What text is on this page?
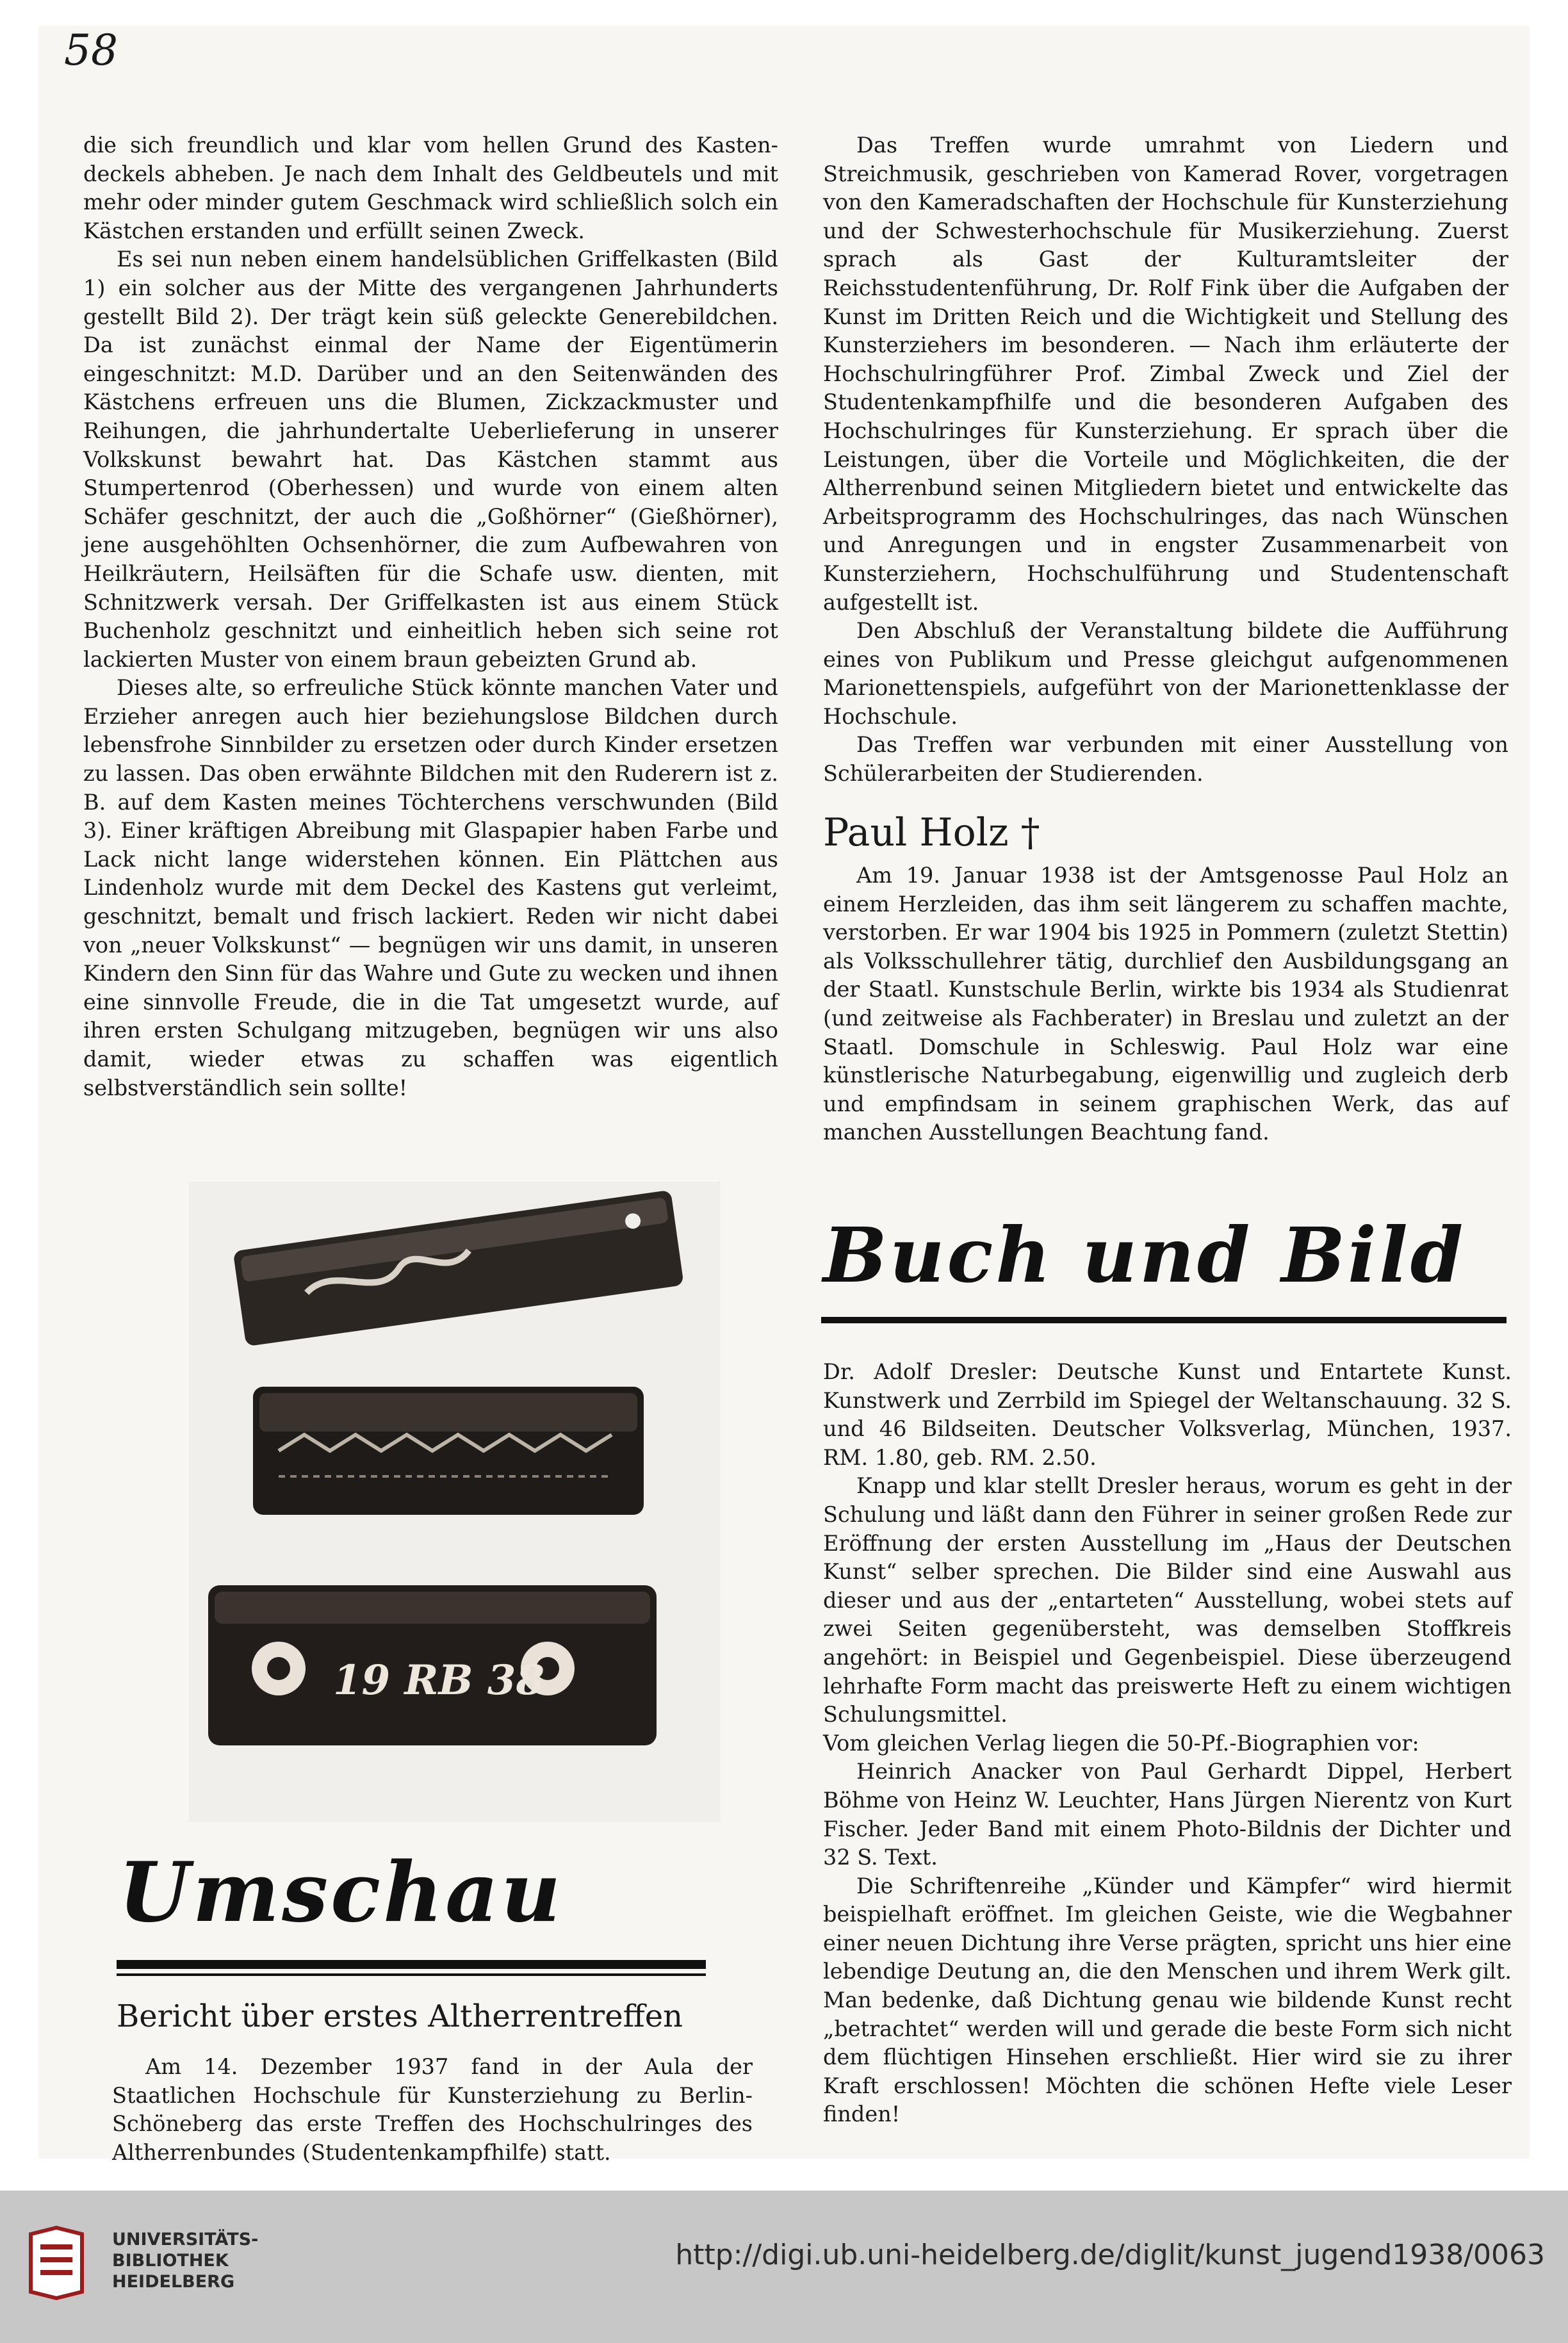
58

die sich freundlich und klar vom hellen Grund des Kasten-deckels abheben. Je nach dem Inhalt des Geldbeutels und mit mehr oder minder gutem Geschmack wird schließlich solch ein Kästchen erstanden und erfüllt seinen Zweck.

Es sei nun neben einem handelsüblichen Griffelkasten (Bild 1) ein solcher aus der Mitte des vergangenen Jahrhunderts gestellt Bild 2). Der trägt kein süß geleckte Generebildchen. Da ist zunächst einmal der Name der Eigentümerin eingeschnitzt: M.D. Darüber und an den Seitenwänden des Kästchens erfreuen uns die Blumen, Zickzackmuster und Reihungen, die jahrhundertalte Ueberlieferung in unserer Volkskunst bewahrt hat. Das Kästchen stammt aus Stumpertenrod (Oberhessen) und wurde von einem alten Schäfer geschnitzt, der auch die „Goßhörner“ (Gießhörner), jene ausgehöhlten Ochsenhörner, die zum Aufbewahren von Heilkräutern, Heilsäften für die Schafe usw. dienten, mit Schnitzwerk versah. Der Griffelkasten ist aus einem Stück Buchenholz geschnitzt und einheitlich heben sich seine rot lackierten Muster von einem braun gebeizten Grund ab.

Dieses alte, so erfreuliche Stück könnte manchen Vater und Erzieher anregen auch hier beziehungslose Bildchen durch lebensfrohe Sinnbilder zu ersetzen oder durch Kinder ersetzen zu lassen. Das oben erwähnte Bildchen mit den Ruderern ist z. B. auf dem Kasten meines Töchterchens verschwunden (Bild 3). Einer kräftigen Abreibung mit Glaspapier haben Farbe und Lack nicht lange widerstehen können. Ein Plättchen aus Lindenholz wurde mit dem Deckel des Kastens gut verleimt, geschnitzt, bemalt und frisch lackiert. Reden wir nicht dabei von „neuer Volkskunst“ — begnügen wir uns damit, in unseren Kindern den Sinn für das Wahre und Gute zu wecken und ihnen eine sinnvolle Freude, die in die Tat umgesetzt wurde, auf ihren ersten Schulgang mitzugeben, begnügen wir uns also damit, wieder etwas zu schaffen was eigentlich selbstverständlich sein sollte!

Das Treffen wurde umrahmt von Liedern und Streichmusik, geschrieben von Kamerad Rover, vorgetragen von den Kameradschaften der Hochschule für Kunsterziehung und der Schwesterhochschule für Musikerziehung. Zuerst sprach als Gast der Kulturamtsleiter der Reichsstudentenführung, Dr. Rolf Fink über die Aufgaben der Kunst im Dritten Reich und die Wichtigkeit und Stellung des Kunsterziehers im besonderen. — Nach ihm erläuterte der Hochschulringführer Prof. Zimbal Zweck und Ziel der Studentenkampfhilfe und die besonderen Aufgaben des Hochschulringes für Kunsterziehung. Er sprach über die Leistungen, über die Vorteile und Möglichkeiten, die der Altherrenbund seinen Mitgliedern bietet und entwickelte das Arbeitsprogramm des Hochschulringes, das nach Wünschen und Anregungen und in engster Zusammenarbeit von Kunsterziehern, Hochschulführung und Studentenschaft aufgestellt ist.

Den Abschluß der Veranstaltung bildete die Aufführung eines von Publikum und Presse gleichgut aufgenommenen Marionettenspiels, aufgeführt von der Marionettenklasse der Hochschule.

Das Treffen war verbunden mit einer Ausstellung von Schülerarbeiten der Studierenden.

Paul Holz †

Am 19. Januar 1938 ist der Amtsgenosse Paul Holz an einem Herzleiden, das ihm seit längerem zu schaffen machte, verstorben. Er war 1904 bis 1925 in Pommern (zuletzt Stettin) als Volksschullehrer tätig, durchlief den Ausbildungsgang an der Staatl. Kunstschule Berlin, wirkte bis 1934 als Studienrat (und zeitweise als Fachberater) in Breslau und zuletzt an der Staatl. Domschule in Schleswig. Paul Holz war eine künstlerische Naturbegabung, eigenwillig und zugleich derb und empfindsam in seinem graphischen Werk, das auf manchen Ausstellungen Beachtung fand.

Buch und Bild

Dr. Adolf Dresler: Deutsche Kunst und Entartete Kunst. Kunstwerk und Zerrbild im Spiegel der Weltanschauung. 32 S. und 46 Bildseiten. Deutscher Volksverlag, München, 1937. RM. 1.80, geb. RM. 2.50.

Knapp und klar stellt Dresler heraus, worum es geht in der Schulung und läßt dann den Führer in seiner großen Rede zur Eröffnung der ersten Ausstellung im „Haus der Deutschen Kunst“ selber sprechen. Die Bilder sind eine Auswahl aus dieser und aus der „entarteten“ Ausstellung, wobei stets auf zwei Seiten gegenübersteht, was demselben Stoffkreis angehört: in Beispiel und Gegenbeispiel. Diese überzeugend lehrhafte Form macht das preiswerte Heft zu einem wichtigen Schulungsmittel.

Vom gleichen Verlag liegen die 50-Pf.-Biographien vor:

Heinrich Anacker von Paul Gerhardt Dippel, Herbert Böhme von Heinz W. Leuchter, Hans Jürgen Nierentz von Kurt Fischer. Jeder Band mit einem Photo-Bildnis der Dichter und 32 S. Text.

Die Schriftenreihe „Künder und Kämpfer“ wird hiermit beispielhaft eröffnet. Im gleichen Geiste, wie die Wegbahner einer neuen Dichtung ihre Verse prägten, spricht uns hier eine lebendige Deutung an, die den Menschen und ihrem Werk gilt. Man bedenke, daß Dichtung genau wie bildende Kunst recht „betrachtet“ werden will und gerade die beste Form sich nicht dem flüchtigen Hinsehen erschließt. Hier wird sie zu ihrer Kraft erschlossen! Möchten die schönen Hefte viele Leser finden!

19 RB 38
Umschau
Bericht über erstes Altherrentreffen

Am 14. Dezember 1937 fand in der Aula der Staatlichen Hochschule für Kunsterziehung zu Berlin-Schöneberg das erste Treffen des Hochschulringes des Altherrenbundes (Studentenkampfhilfe) statt.

UNIVERSITÄTS-
BIBLIOTHEK
HEIDELBERG
http://digi.ub.uni-heidelberg.de/diglit/kunst_jugend1938/0063
